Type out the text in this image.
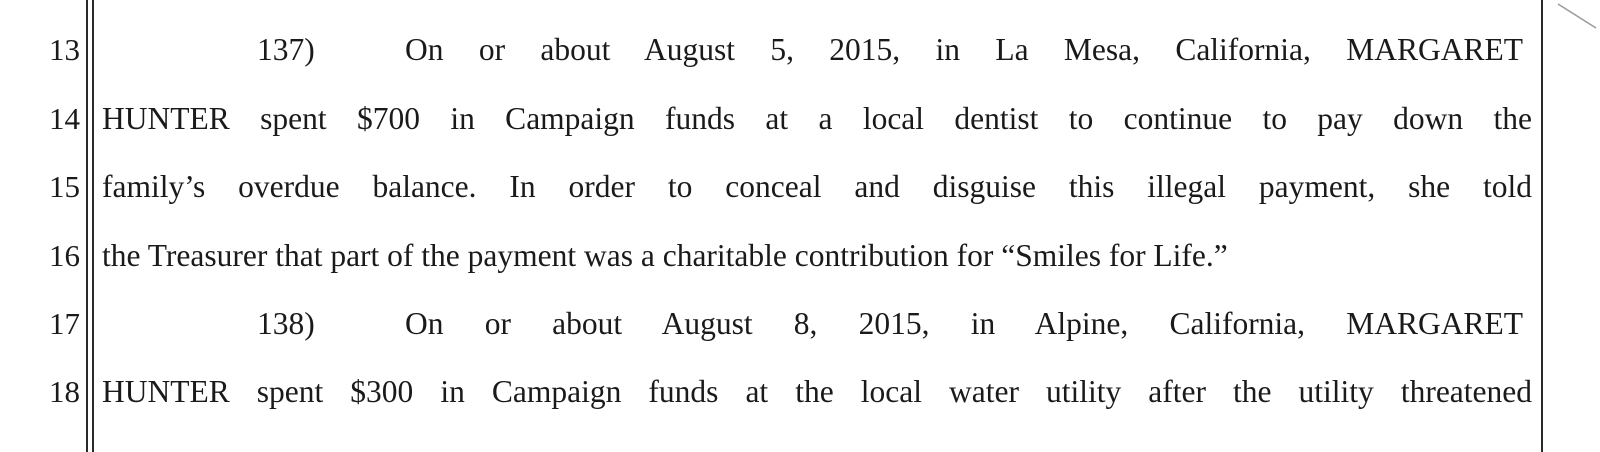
13
14
15
16
17
18
137)	On or about August 5, 2015, in La Mesa, California, MARGARET
HUNTER spent $700 in Campaign funds at a local dentist to continue to pay down the
family’s overdue balance. In order to conceal and disguise this illegal payment, she told
the Treasurer that part of the payment was a charitable contribution for “Smiles for Life.”
138)	On or about August 8, 2015, in Alpine, California, MARGARET
HUNTER spent $300 in Campaign funds at the local water utility after the utility threatened
